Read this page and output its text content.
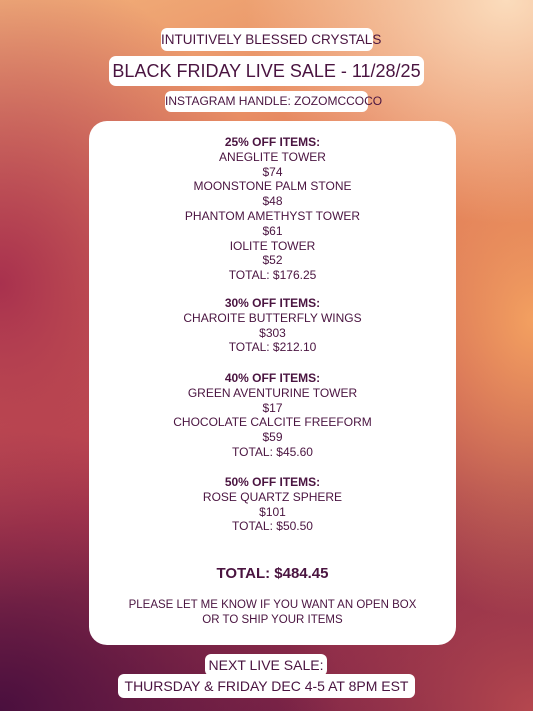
INTUITIVELY BLESSED CRYSTALS
BLACK FRIDAY LIVE SALE - 11/28/25
INSTAGRAM HANDLE: ZOZOMCCOCO
25% OFF ITEMS:
ANEGLITE TOWER
$74
MOONSTONE PALM STONE
$48
PHANTOM AMETHYST TOWER
$61
IOLITE TOWER
$52
TOTAL: $176.25
30% OFF ITEMS:
CHAROITE BUTTERFLY WINGS
$303
TOTAL: $212.10
40% OFF ITEMS:
GREEN AVENTURINE TOWER
$17
CHOCOLATE CALCITE FREEFORM
$59
TOTAL: $45.60
50% OFF ITEMS:
ROSE QUARTZ SPHERE
$101
TOTAL: $50.50
TOTAL: $484.45
PLEASE LET ME KNOW IF YOU WANT AN OPEN BOX
OR TO SHIP YOUR ITEMS
NEXT LIVE SALE:
THURSDAY & FRIDAY DEC 4-5 AT 8PM EST
